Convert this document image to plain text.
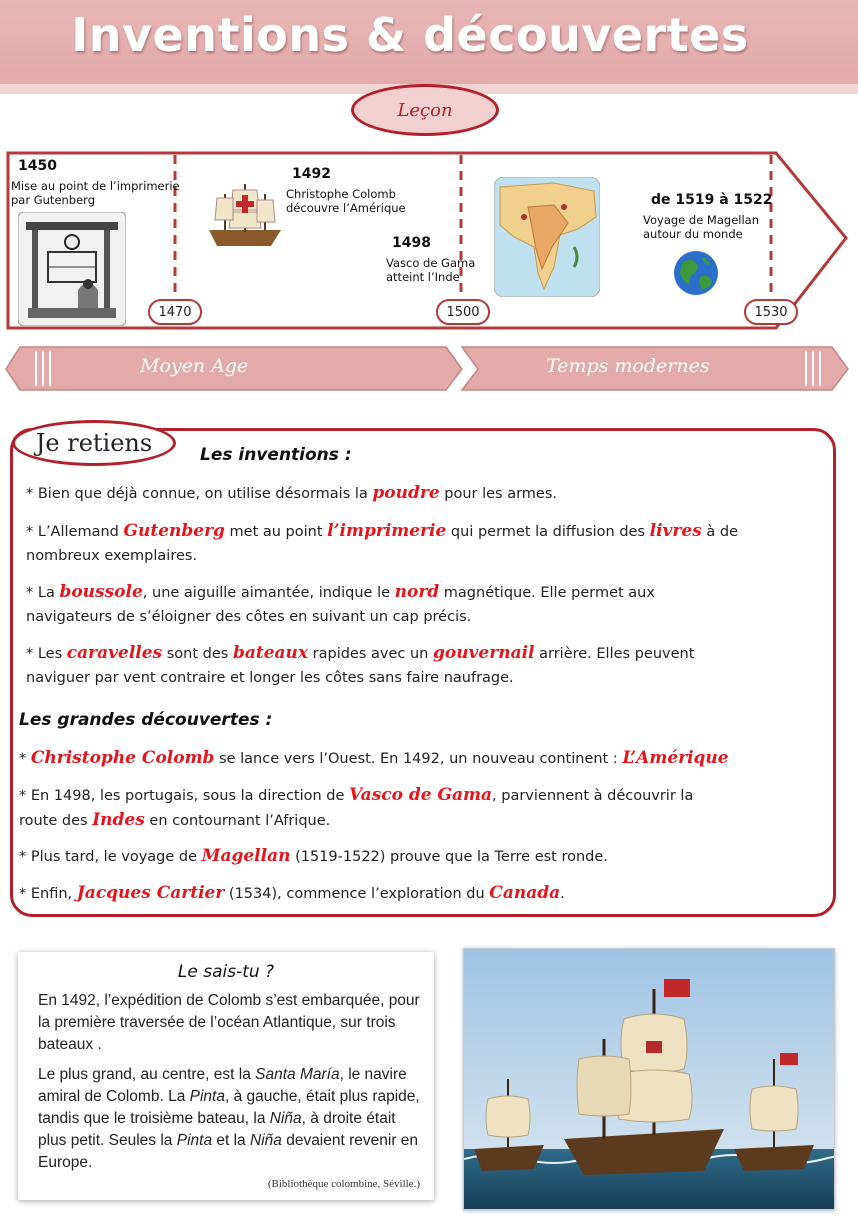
Inventions & découvertes
Leçon
1450
Mise au point de l’imprimerie par Gutenberg
1492
Christophe Colomb découvre l’Amérique
1498
Vasco de Gama atteint l’Inde
de 1519 à 1522
Voyage de Magellan autour du monde
1470	1500	1530
Moyen Age	Temps modernes
Je retiens	Les inventions :
* Bien que déjà connue, on utilise désormais la poudre pour les armes.
* L’Allemand Gutenberg met au point l’imprimerie qui permet la diffusion des livres à de
nombreux exemplaires.
* La boussole, une aiguille aimantée, indique le nord magnétique. Elle permet aux
navigateurs de s’éloigner des côtes en suivant un cap précis.
* Les caravelles sont des bateaux rapides avec un gouvernail arrière. Elles peuvent
naviguer par vent contraire et longer les côtes sans faire naufrage.
Les grandes découvertes :
* Christophe Colomb se lance vers l’Ouest. En 1492, un nouveau continent : L’Amérique
* En 1498, les portugais, sous la direction de Vasco de Gama, parviennent à découvrir la
route des Indes en contournant l’Afrique.
* Plus tard, le voyage de Magellan (1519-1522) prouve que la Terre est ronde.
* Enfin, Jacques Cartier (1534), commence l’exploration du Canada.
Le sais-tu ?
En 1492, l’expédition de Colomb s’est embarquée, pour la première traversée de l’océan Atlantique, sur trois bateaux .
Le plus grand, au centre, est la Santa María, le navire amiral de Colomb. La Pinta, à gauche, était plus rapide, tandis que le troisième bateau, la Niña, à droite était plus petit. Seules la Pinta et la Niña devaient revenir en Europe.
(Bibliothèque colombine, Séville.)
